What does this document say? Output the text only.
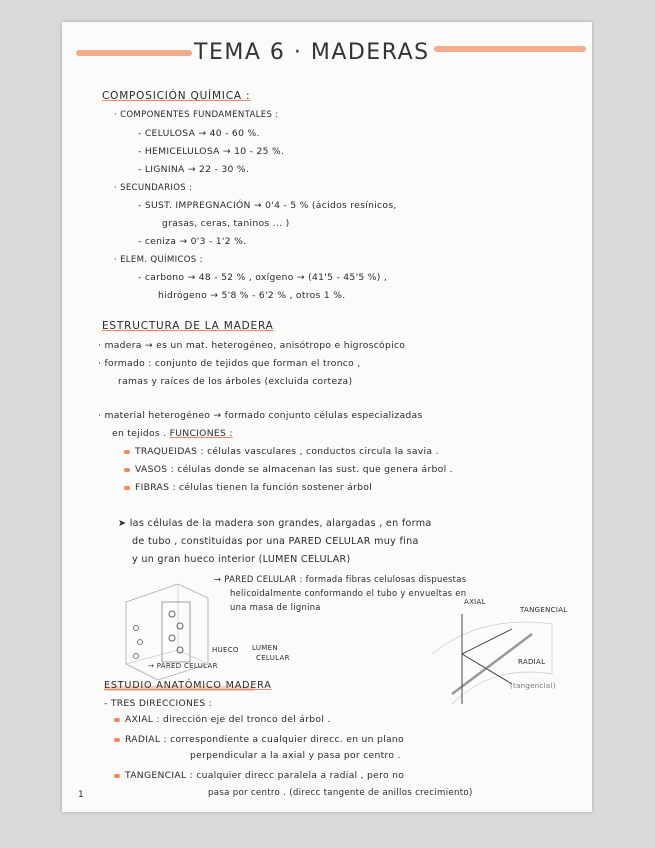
TEMA 6 · MADERAS
COMPOSICIÓN QUÍMICA :
· COMPONENTES FUNDAMENTALES :
- CELULOSA → 40 - 60 %.
- HEMICELULOSA → 10 - 25 %.
- LIGNINA → 22 - 30 %.
· SECUNDARIOS :
- SUST. IMPREGNACIÓN → 0'4 - 5 % (ácidos resínicos,
grasas, ceras, taninos ... )
- ceniza → 0'3 - 1'2 %.
· ELEM. QUÍMICOS :
- carbono → 48 - 52 % , oxígeno → (41'5 - 45'5 %) ,
hidrógeno → 5'8 % - 6'2 % , otros 1 %.
ESTRUCTURA DE LA MADERA
· madera → es un mat. heterogéneo, anisótropo e higroscópico
· formado : conjunto de tejidos que forman el tronco ,
ramas y raíces de los árboles (excluida corteza)
· material heterogéneo → formado conjunto células especializadas
en tejidos . FUNCIONES :
TRAQUEIDAS : células vasculares , conductos circula la savia .
VASOS : células donde se almacenan las sust. que genera árbol .
FIBRAS : células tienen la función sostener árbol
➤ las células de la madera son grandes, alargadas , en forma
de tubo , constituidas por una PARED CELULAR muy fina
y un gran hueco interior (LUMEN CELULAR)
→ PARED CELULAR : formada fibras celulosas dispuestas
helicoidalmente conformando el tubo y envueltas en
una masa de lignina
HUECO LUMEN
CELULAR
→ PARED CELULAR
AXIAL
TANGENCIAL
RADIAL
(tangencial)
ESTUDIO ANATÓMICO MADERA
- TRES DIRECCIONES :
AXIAL : dirección eje del tronco del árbol .
RADIAL : correspondiente a cualquier direcc. en un plano
perpendicular a la axial y pasa por centro .
TANGENCIAL : cualquier direcc paralela a radial , pero no
pasa por centro . (direcc tangente de anillos crecimiento)
1
